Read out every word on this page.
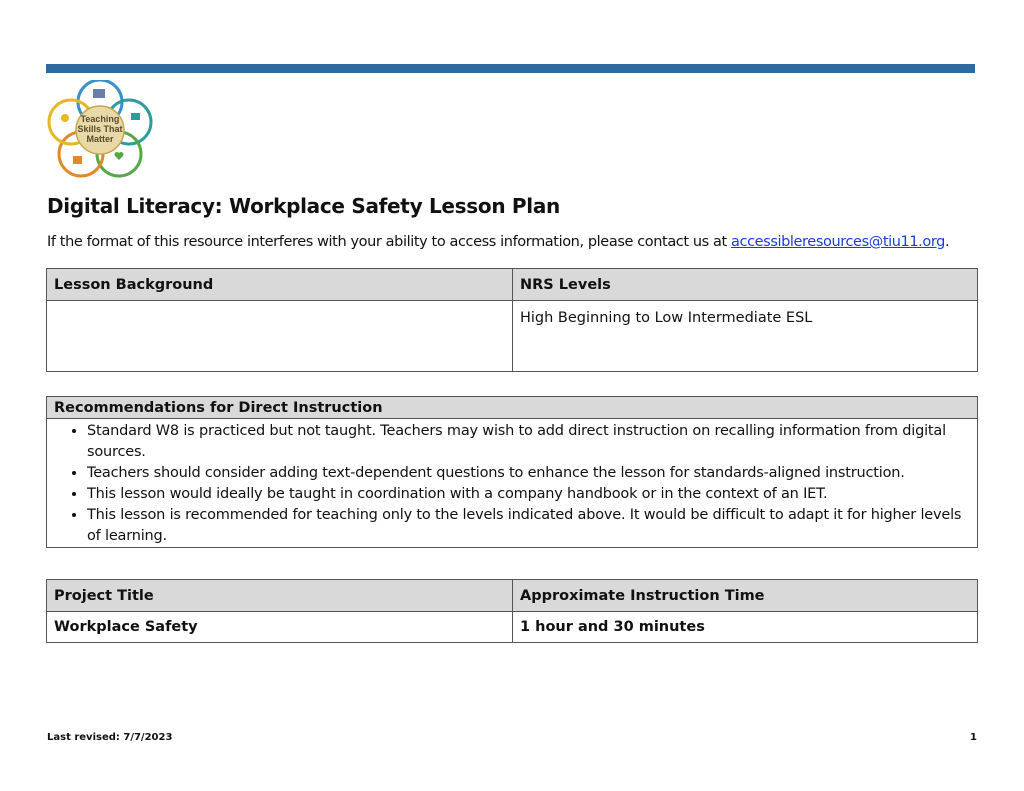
Teaching
Skills That
Matter
Digital Literacy: Workplace Safety Lesson Plan
If the format of this resource interferes with your ability to access information, please contact us at accessibleresources@tiu11.org.
Lesson Background	NRS Levels
	High Beginning to Low Intermediate ESL
Recommendations for Direct Instruction

• Standard W8 is practiced but not taught. Teachers may wish to add direct instruction on recalling information from digital sources.
• Teachers should consider adding text-dependent questions to enhance the lesson for standards-aligned instruction.
• This lesson would ideally be taught in coordination with a company handbook or in the context of an IET.
• This lesson is recommended for teaching only to the levels indicated above. It would be difficult to adapt it for higher levels of learning.
Project Title	Approximate Instruction Time
Workplace Safety	1 hour and 30 minutes
Last revised: 7/7/2023	1
